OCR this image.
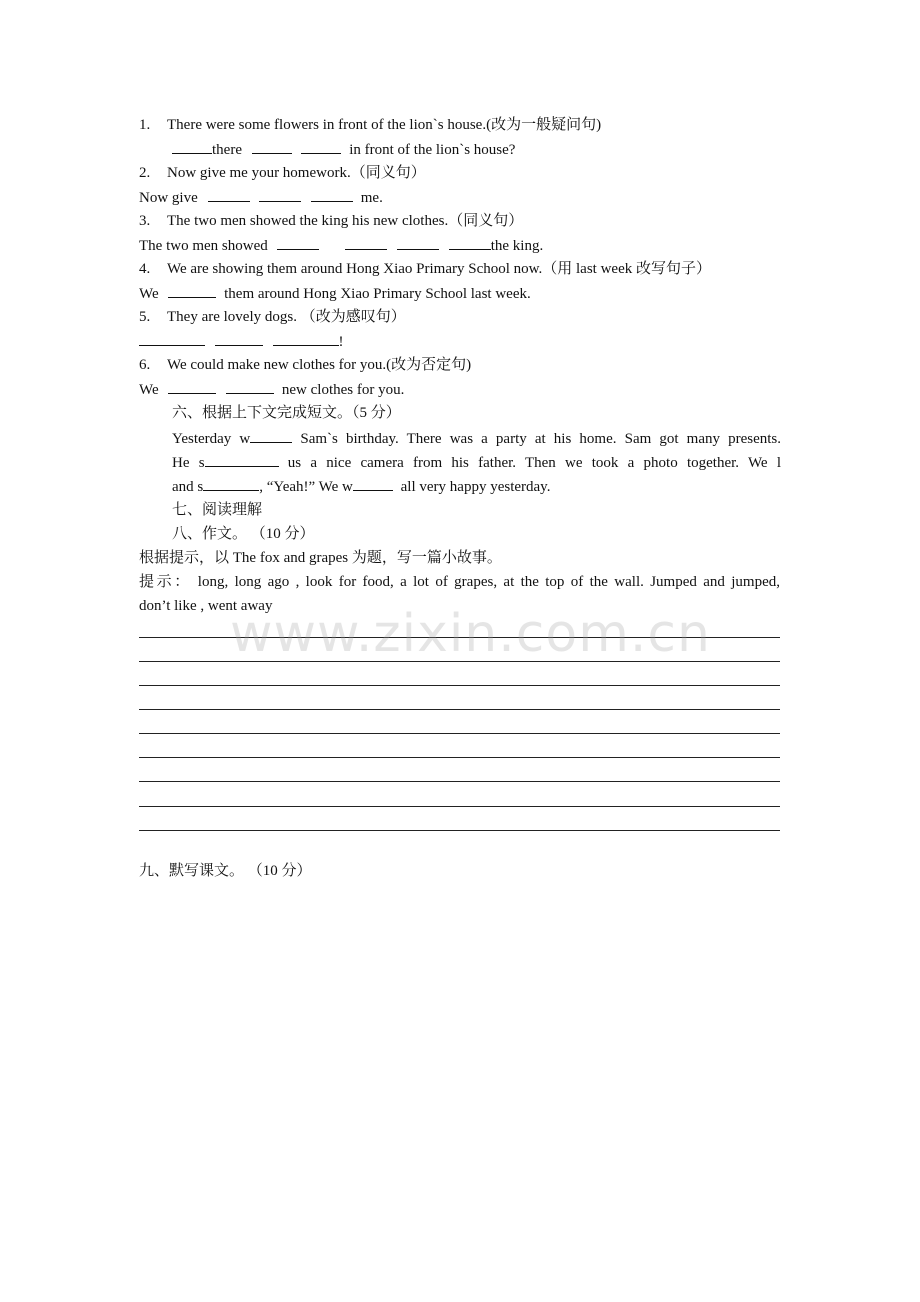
1. There were some flowers in front of the lion`s house.(改为一般疑问句)
there	in front of the lion`s house?
2. Now give me your homework.（同义句）
Now give	me.
3. The two men showed the king his new clothes.（同义句）
The two men showed	the king.
4. We are showing them around Hong Xiao Primary School now.（用 last week 改写句子）
We	them around Hong Xiao Primary School last week.
5. They are lovely dogs. （改为感叹句）
!
6. We could make new clothes for you.(改为否定句)
We	new clothes for you.
六、根据上下文完成短文。（5 分）
Yesterday w	Sam`s birthday. There was a party at his home. Sam got many presents.
He s	us a nice camera from his father. Then we took a photo together. We l
and s	, “Yeah!” We w	all very happy yesterday.
七、阅读理解
八、作文。 （10 分）
根据提示，以 The fox and grapes 为题，写一篇小故事。
提示： long, long ago , look for food, a lot of grapes, at the top of the wall. Jumped and jumped,
don’t like , went away
www.zixin.com.cn
九、默写课文。 （10 分）
